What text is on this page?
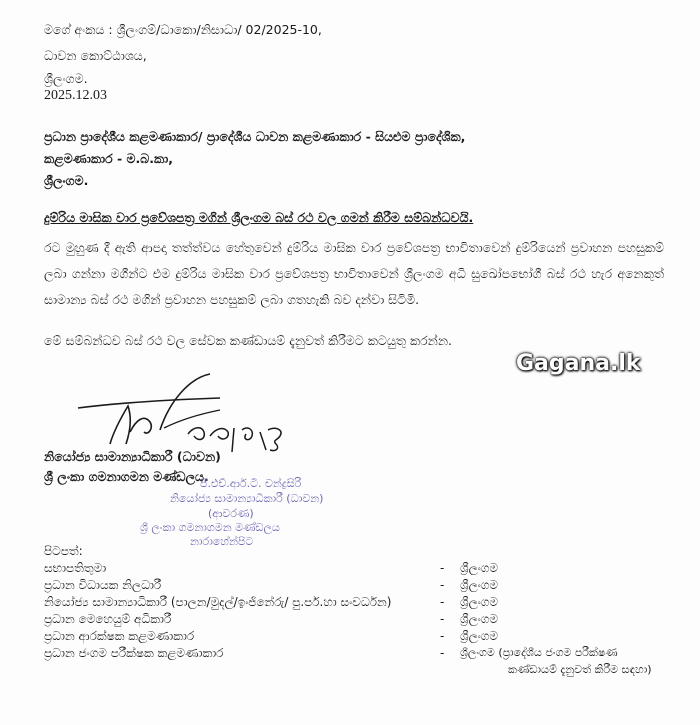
මගේ අංකය : ශ්‍රීලංගම්/ධාකො/නිසාධා/ 02/2025-10,
ධාවන කොට්ඨාශය,
ශ්‍රීලංගම.
2025.12.03
ප්‍රධාන ප්‍රාදේශීය කළමණාකාර/ ප්‍රාදේශීය ධාවන කළමණාකාර - සියළුම ප්‍රාදේශික,
කළමණාකාර - ම.බ.කා,
ශ්‍රීලංගම.
දුම්රිය මාසික වාර ප්‍රවේශපත්‍ර මගින් ශ්‍රීලංගම බස් රථ වල ගමන් කිරීම සම්බන්ධවයි.
රට මුහුණ දී ඇති ආපදා තත්ත්වය හේතුවෙන් දුම්රිය මාසික වාර ප්‍රවේශපත්‍ර භාවිතාවෙන් දුම්රියෙන් ප්‍රවාහන පහසුකම් ලබා ගන්නා මගීන්ට එම දුම්රිය මාසික වාර ප්‍රවේශපත්‍ර භාවිතාවෙන් ශ්‍රීලංගම අධි සුඛෝපභෝගී බස් රථ හැර අනෙකුත් සාමාන්‍ය බස් රථ මගින් ප්‍රවාහන පහසුකම් ලබා ගතහැකි බව දන්වා සිටිමි.
මේ සම්බන්ධව බස් රථ වල සේවක කණ්ඩායම් දැනුවත් කිරීමට කටයුතු කරන්න.
Gagana.lk
නියෝජ්‍ය සාමාන්‍යාධිකාරී (ධාවන)
ශ්‍රී ලංකා ගමනාගමන මණ්ඩලය.
පී.එච්.ආර්.ටී. චන්ද්‍රසිරි
නියෝජ්‍ය සාමාන්‍යාධිකාරී (ධාවන)
(ආවරණ)
ශ්‍රී ලංකා ගමනාගමන මණ්ඩලය
නාරාහේන්පිට
පිටපත්:
සභාපතිතුමා	- ශ්‍රීලංගම
ප්‍රධාන විධායක නිලධාරී	- ශ්‍රීලංගම
නියෝජ්‍ය සාමාන්‍යාධිකාරී (පාලන/මුදල්/ඉංජිනේරු/ පු.පර්.හා සංවර්ධන)	- ශ්‍රීලංගම
ප්‍රධාන මෙහෙයුම් අධිකාරී	- ශ්‍රීලංගම
ප්‍රධාන ආරක්ෂක කළමණාකාර	- ශ්‍රීලංගම
ප්‍රධාන ජංගම පරීක්ෂක කළමණාකාර	- ශ්‍රීලංගම (ප්‍රාදේශීය ජංගම පරීක්ෂණ
කණ්ඩායම් දැනුවත් කිරීම සඳහා)
